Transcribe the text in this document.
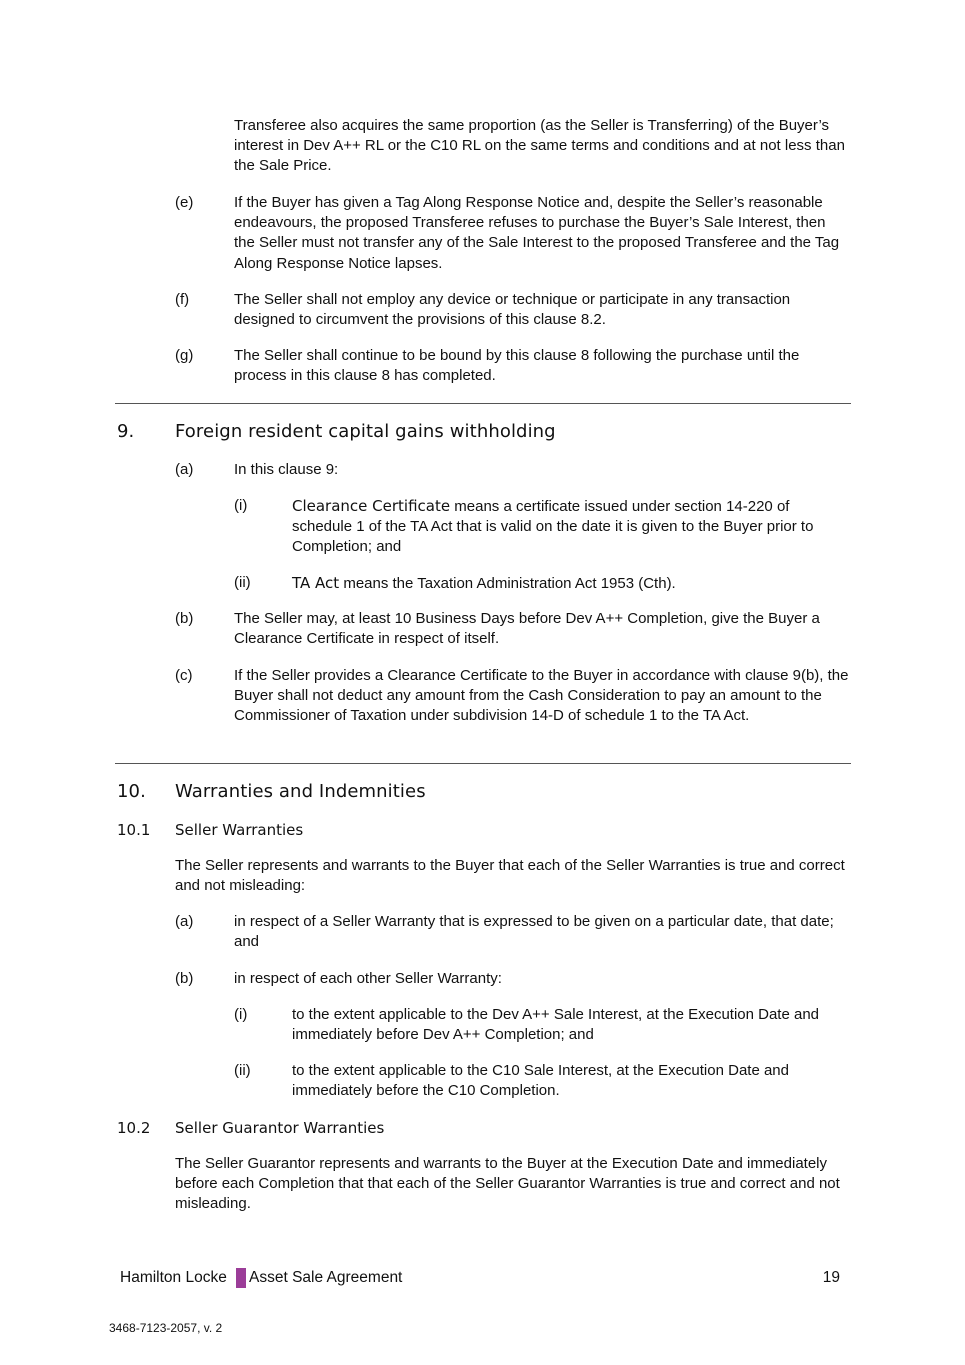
Transferee also acquires the same proportion (as the Seller is Transferring) of the Buyer’s interest in Dev A++ RL or the C10 RL on the same terms and conditions and at not less than the Sale Price.
(e)	If the Buyer has given a Tag Along Response Notice and, despite the Seller’s reasonable endeavours, the proposed Transferee refuses to purchase the Buyer’s Sale Interest, then the Seller must not transfer any of the Sale Interest to the proposed Transferee and the Tag Along Response Notice lapses.
(f)	The Seller shall not employ any device or technique or participate in any transaction designed to circumvent the provisions of this clause 8.2.
(g)	The Seller shall continue to be bound by this clause 8 following the purchase until the process in this clause 8 has completed.
9.	Foreign resident capital gains withholding
(a)	In this clause 9:
(i)	Clearance Certificate means a certificate issued under section 14-220 of schedule 1 of the TA Act that is valid on the date it is given to the Buyer prior to Completion; and
(ii)	TA Act means the Taxation Administration Act 1953 (Cth).
(b)	The Seller may, at least 10 Business Days before Dev A++ Completion, give the Buyer a Clearance Certificate in respect of itself.
(c)	If the Seller provides a Clearance Certificate to the Buyer in accordance with clause 9(b), the Buyer shall not deduct any amount from the Cash Consideration to pay an amount to the Commissioner of Taxation under subdivision 14-D of schedule 1 to the TA Act.
10.	Warranties and Indemnities
10.1 Seller Warranties
The Seller represents and warrants to the Buyer that each of the Seller Warranties is true and correct and not misleading:
(a)	in respect of a Seller Warranty that is expressed to be given on a particular date, that date; and
(b)	in respect of each other Seller Warranty:
(i)	to the extent applicable to the Dev A++ Sale Interest, at the Execution Date and immediately before Dev A++ Completion; and
(ii)	to the extent applicable to the C10 Sale Interest, at the Execution Date and immediately before the C10 Completion.
10.2 Seller Guarantor Warranties
The Seller Guarantor represents and warrants to the Buyer at the Execution Date and immediately before each Completion that that each of the Seller Guarantor Warranties is true and correct and not misleading.
Hamilton Locke Asset Sale Agreement	19
3468-7123-2057, v. 2
